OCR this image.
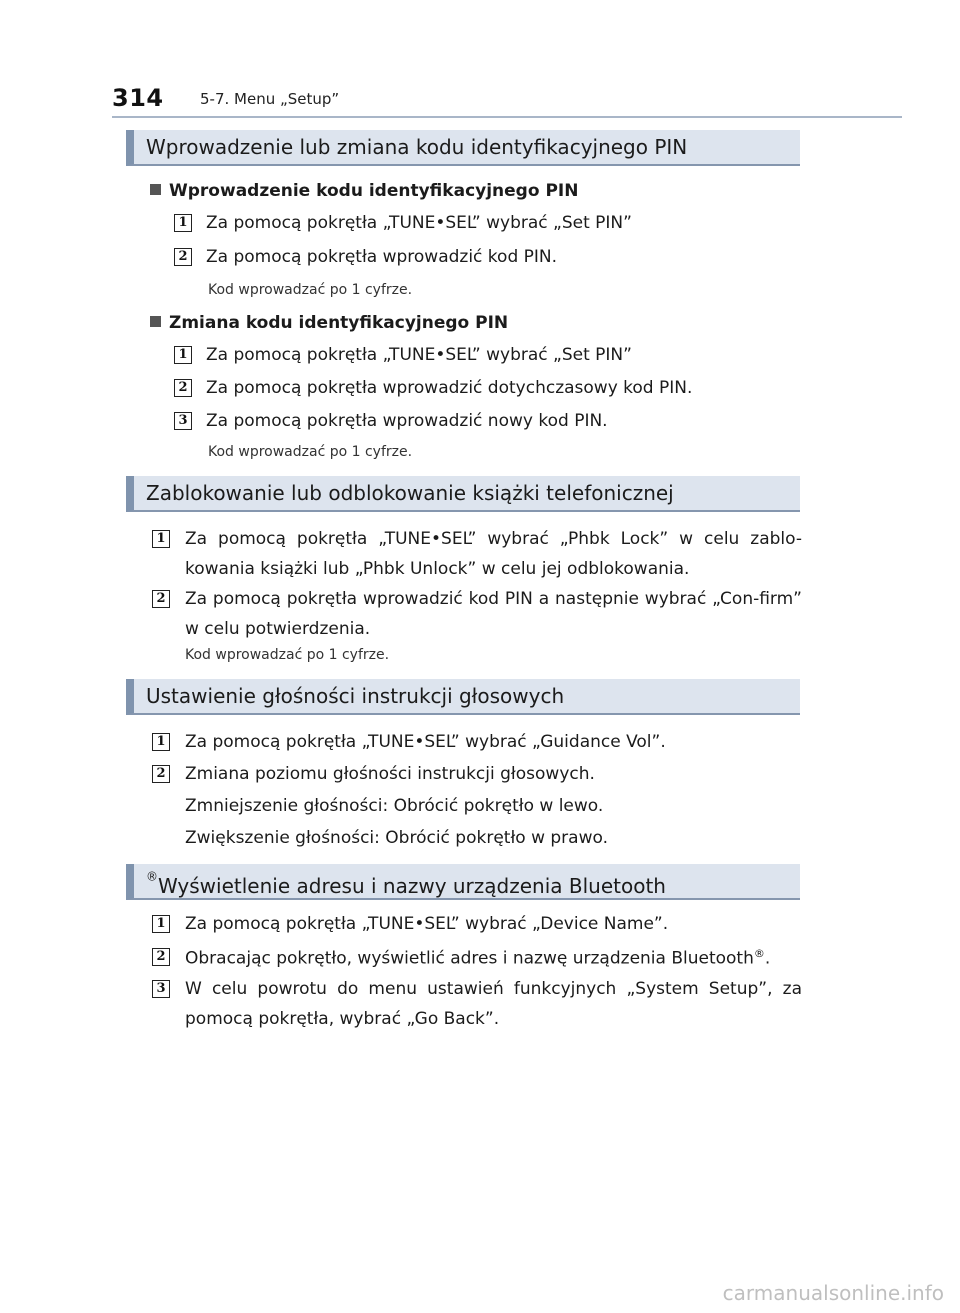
314 5-7. Menu „Setup”
Wprowadzenie lub zmiana kodu identyfikacyjnego PIN
Wprowadzenie kodu identyfikacyjnego PIN
1 Za pomocą pokrętła „TUNE•SEL” wybrać „Set PIN”
2 Za pomocą pokrętła wprowadzić kod PIN.
Kod wprowadzać po 1 cyfrze.
Zmiana kodu identyfikacyjnego PIN
1 Za pomocą pokrętła „TUNE•SEL” wybrać „Set PIN”
2 Za pomocą pokrętła wprowadzić dotychczasowy kod PIN.
3 Za pomocą pokrętła wprowadzić nowy kod PIN.
Kod wprowadzać po 1 cyfrze.
Zablokowanie lub odblokowanie książki telefonicznej
1 Za pomocą pokrętła „TUNE•SEL” wybrać „Phbk Lock” w celu zablo-kowania książki lub „Phbk Unlock” w celu jej odblokowania.
2 Za pomocą pokrętła wprowadzić kod PIN a następnie wybrać „Con-firm” w celu potwierdzenia.
Kod wprowadzać po 1 cyfrze.
Ustawienie głośności instrukcji głosowych
1 Za pomocą pokrętła „TUNE•SEL” wybrać „Guidance Vol”.
2 Zmiana poziomu głośności instrukcji głosowych.
Zmniejszenie głośności: Obrócić pokrętło w lewo.
Zwiększenie głośności: Obrócić pokrętło w prawo.
Wyświetlenie adresu i nazwy urządzenia Bluetooth
®
1 Za pomocą pokrętła „TUNE•SEL” wybrać „Device Name”.
2 Obracając pokrętło, wyświetlić adres i nazwę urządzenia Bluetooth®.
3 W celu powrotu do menu ustawień funkcyjnych „System Setup”, za pomocą pokrętła, wybrać „Go Back”.
carmanualsonline.info
